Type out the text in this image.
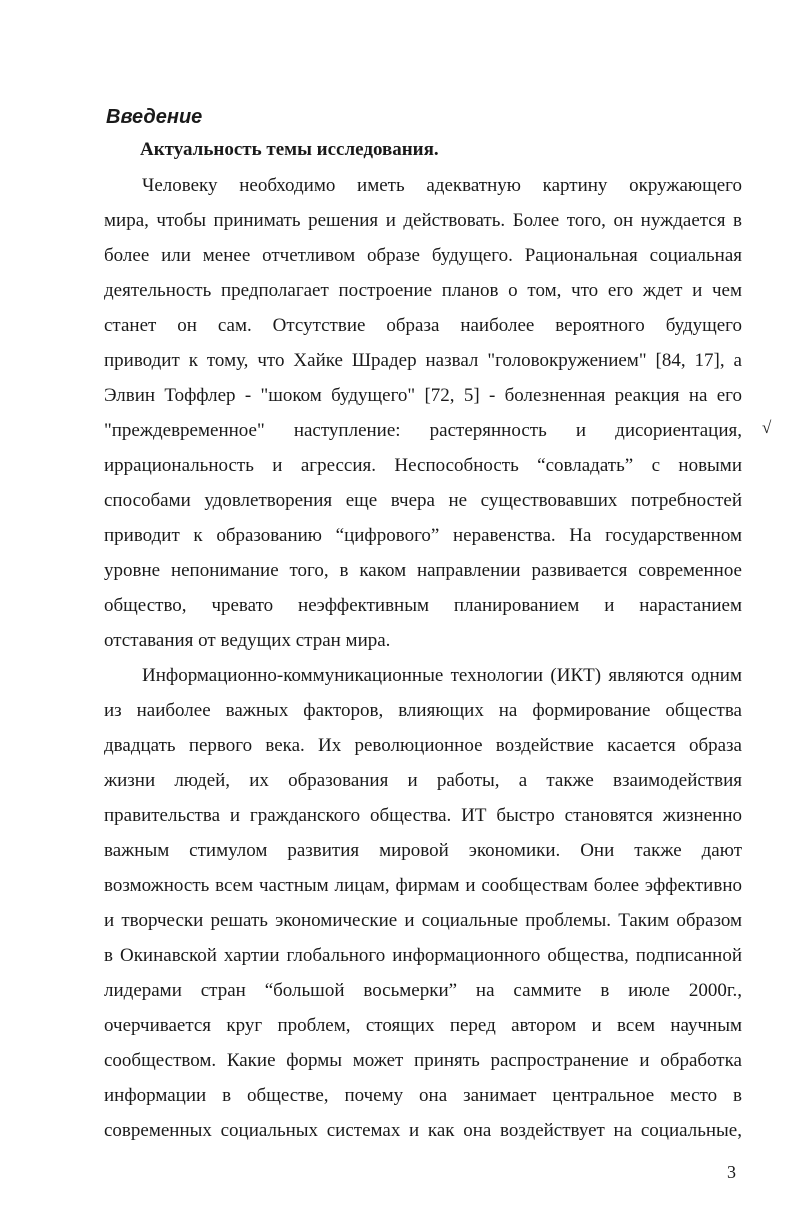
Введение
Актуальность темы исследования.
Человеку необходимо иметь адекватную картину окружающего
мира, чтобы принимать решения и действовать. Более того, он нуждается в
более или менее отчетливом образе будущего. Рациональная социальная
деятельность предполагает построение планов о том, что его ждет и чем
станет он сам. Отсутствие образа наиболее вероятного будущего
приводит к тому, что Хайке Шрадер назвал "головокружением" [84, 17], а
Элвин Тоффлер - "шоком будущего" [72, 5] - болезненная реакция на его
"преждевременное" наступление: растерянность и дисориентация,
иррациональность и агрессия. Неспособность “совладать” с новыми
способами удовлетворения еще вчера не существовавших потребностей
приводит к образованию “цифрового” неравенства. На государственном
уровне непонимание того, в каком направлении развивается современное
общество, чревато неэффективным планированием и нарастанием
отставания от ведущих стран мира.
Информационно-коммуникационные технологии (ИКТ) являются одним
из наиболее важных факторов, влияющих на формирование общества
двадцать первого века. Их революционное воздействие касается образа
жизни людей, их образования и работы, а также взаимодействия
правительства и гражданского общества. ИТ быстро становятся жизненно
важным стимулом развития мировой экономики. Они также дают
возможность всем частным лицам, фирмам и сообществам более эффективно
и творчески решать экономические и социальные проблемы. Таким образом
в Окинавской хартии глобального информационного общества, подписанной
лидерами стран “большой восьмерки” на саммите в июле 2000г.,
очерчивается круг проблем, стоящих перед автором и всем научным
сообществом. Какие формы может принять распространение и обработка
информации в обществе, почему она занимает центральное место в
современных социальных системах и как она воздействует на социальные,
√
3
